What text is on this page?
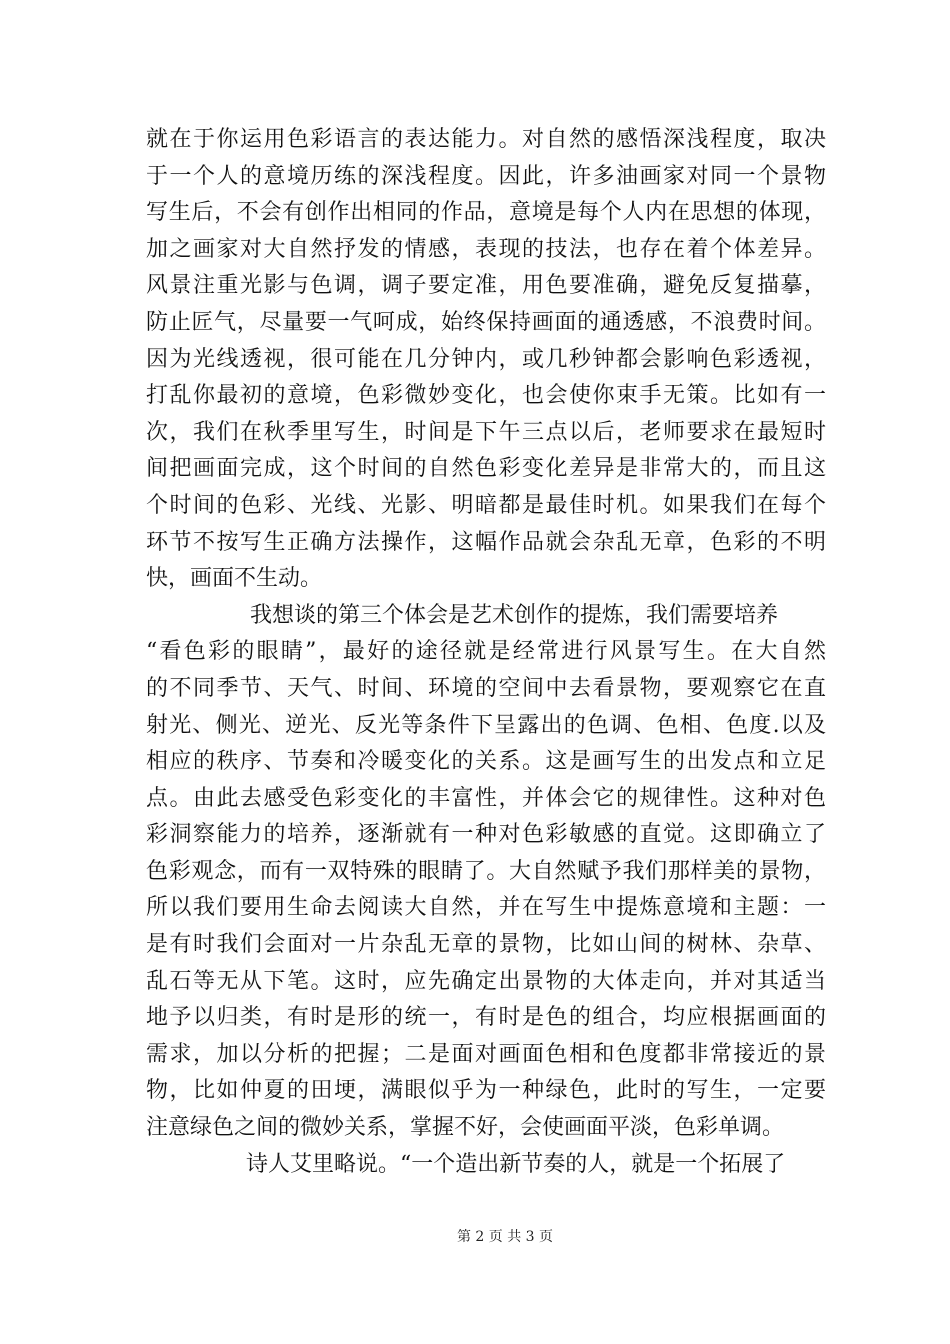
就在于你运用色彩语言的表达能力。对自然的感悟深浅程度，取决
于一个人的意境历练的深浅程度。因此，许多油画家对同一个景物
写生后，不会有创作出相同的作品，意境是每个人内在思想的体现，
加之画家对大自然抒发的情感，表现的技法，也存在着个体差异。
风景注重光影与色调，调子要定准，用色要准确，避免反复描摹，
防止匠气，尽量要一气呵成，始终保持画面的通透感，不浪费时间。
因为光线透视，很可能在几分钟内，或几秒钟都会影响色彩透视，
打乱你最初的意境，色彩微妙变化，也会使你束手无策。比如有一
次，我们在秋季里写生，时间是下午三点以后，老师要求在最短时
间把画面完成，这个时间的自然色彩变化差异是非常大的，而且这
个时间的色彩、光线、光影、明暗都是最佳时机。如果我们在每个
环节不按写生正确方法操作，这幅作品就会杂乱无章，色彩的不明
快，画面不生动。
我想谈的第三个体会是艺术创作的提炼，我们需要培养
“看色彩的眼睛”，最好的途径就是经常进行风景写生。在大自然
的不同季节、天气、时间、环境的空间中去看景物，要观察它在直
射光、侧光、逆光、反光等条件下呈露出的色调、色相、色度.以及
相应的秩序、节奏和冷暖变化的关系。这是画写生的出发点和立足
点。由此去感受色彩变化的丰富性，并体会它的规律性。这种对色
彩洞察能力的培养，逐渐就有一种对色彩敏感的直觉。这即确立了
色彩观念，而有一双特殊的眼睛了。大自然赋予我们那样美的景物，
所以我们要用生命去阅读大自然，并在写生中提炼意境和主题：一
是有时我们会面对一片杂乱无章的景物，比如山间的树林、杂草、
乱石等无从下笔。这时，应先确定出景物的大体走向，并对其适当
地予以归类，有时是形的统一，有时是色的组合，均应根据画面的
需求，加以分析的把握；二是面对画面色相和色度都非常接近的景
物，比如仲夏的田埂，满眼似乎为一种绿色，此时的写生，一定要
注意绿色之间的微妙关系，掌握不好，会使画面平淡，色彩单调。
诗人艾里略说。“一个造出新节奏的人，就是一个拓展了
第 2 页 共 3 页
